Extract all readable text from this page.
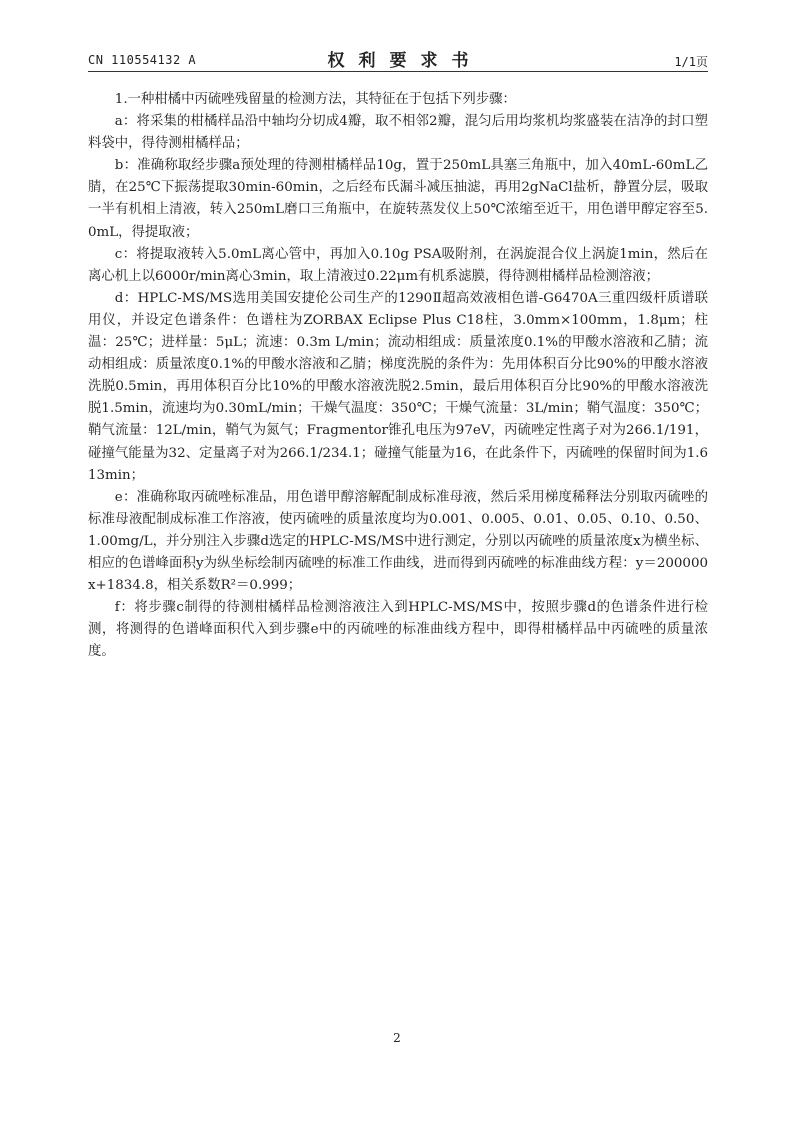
CN 110554132 A	权利要求书	1/1页

1.一种柑橘中丙硫唑残留量的检测方法，其特征在于包括下列步骤：

a：将采集的柑橘样品沿中轴均分切成4瓣，取不相邻2瓣，混匀后用均浆机均浆盛装在洁净的封口塑料袋中，得待测柑橘样品；

b：准确称取经步骤a预处理的待测柑橘样品10g，置于250mL具塞三角瓶中，加入40mL-60mL乙腈，在25℃下振荡提取30min-60min，之后经布氏漏斗减压抽滤，再用2gNaCl盐析，静置分层，吸取一半有机相上清液，转入250mL磨口三角瓶中，在旋转蒸发仪上50℃浓缩至近干，用色谱甲醇定容至5.0mL，得提取液；

c：将提取液转入5.0mL离心管中，再加入0.10g PSA吸附剂，在涡旋混合仪上涡旋1min，然后在离心机上以6000r/min离心3min，取上清液过0.22μm有机系滤膜，得待测柑橘样品检测溶液；

d：HPLC-MS/MS选用美国安捷伦公司生产的1290Ⅱ超高效液相色谱-G6470A三重四级杆质谱联用仪，并设定色谱条件：色谱柱为ZORBAX Eclipse Plus C18柱，3.0mm×100mm，1.8μm；柱温：25℃；进样量：5μL；流速：0.3m L/min；流动相组成：质量浓度0.1%的甲酸水溶液和乙腈；流动相组成：质量浓度0.1%的甲酸水溶液和乙腈；梯度洗脱的条件为：先用体积百分比90%的甲酸水溶液洗脱0.5min，再用体积百分比10%的甲酸水溶液洗脱2.5min，最后用体积百分比90%的甲酸水溶液洗脱1.5min，流速均为0.30mL/min；干燥气温度：350℃；干燥气流量：3L/min；鞘气温度：350℃；鞘气流量：12L/min，鞘气为氮气；Fragmentor锥孔电压为97eV，丙硫唑定性离子对为266.1/191，碰撞气能量为32、定量离子对为266.1/234.1；碰撞气能量为16，在此条件下，丙硫唑的保留时间为1.613min；

e：准确称取丙硫唑标准品，用色谱甲醇溶解配制成标准母液，然后采用梯度稀释法分别取丙硫唑的标准母液配制成标准工作溶液，使丙硫唑的质量浓度均为0.001、0.005、0.01、0.05、0.10、0.50、1.00mg/L，并分别注入步骤d选定的HPLC-MS/MS中进行测定，分别以丙硫唑的质量浓度x为横坐标、相应的色谱峰面积y为纵坐标绘制丙硫唑的标准工作曲线，进而得到丙硫唑的标准曲线方程：y＝200000x+1834.8，相关系数R²＝0.999；

f：将步骤c制得的待测柑橘样品检测溶液注入到HPLC-MS/MS中，按照步骤d的色谱条件进行检测，将测得的色谱峰面积代入到步骤e中的丙硫唑的标准曲线方程中，即得柑橘样品中丙硫唑的质量浓度。

2
